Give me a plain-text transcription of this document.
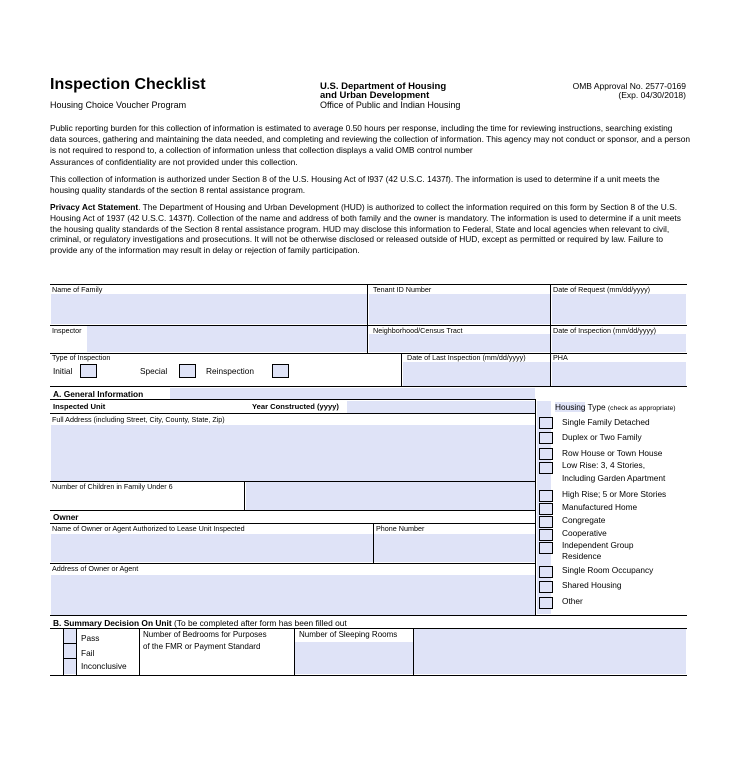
Inspection Checklist
Housing Choice Voucher Program
U.S. Department of Housing
and Urban Development
Office of Public and Indian Housing
OMB Approval No. 2577-0169
(Exp. 04/30/2018)
Public reporting burden for this collection of information is estimated to average 0.50 hours per response, including the time for reviewing instructions, searching existing data sources, gathering and maintaining the data needed, and completing and reviewing the collection of information. This agency may not conduct or sponsor, and a person is not required to respond to, a collection of information unless that collection displays a valid OMB control number
Assurances of confidentiality are not provided under this collection.
This collection of information is authorized under Section 8 of the U.S. Housing Act of l937 (42 U.S.C. 1437f). The information is used to determine if a unit meets the housing quality standards of the section 8 rental assistance program.
Privacy Act Statement. The Department of Housing and Urban Development (HUD) is authorized to collect the information required on this form by Section 8 of the U.S. Housing Act of 1937 (42 U.S.C. 1437f). Collection of the name and address of both family and the owner is mandatory. The information is used to determine if a unit meets the housing quality standards of the Section 8 rental assistance program. HUD may disclose this information to Federal, State and local agencies when relevant to civil, criminal, or regulatory investigations and prosecutions. It will not be otherwise disclosed or released outside of HUD, except as permitted or required by law. Failure to provide any of the information may result in delay or rejection of family participation.
Name of Family	Tenant ID Number	Date of Request (mm/dd/yyyy)
Inspector	Neighborhood/Census Tract	Date of Inspection (mm/dd/yyyy)
Type of Inspection
Initial	Special	Reinspection
Date of Last Inspection (mm/dd/yyyy)	PHA
A. General Information
Inspected Unit	Year Constructed (yyyy)
Full Address (including Street, City, County, State, Zip)
Number of Children in Family Under 6
Owner
Name of Owner or Agent Authorized to Lease Unit Inspected	Phone Number
Address of Owner or Agent
Housing Type (check as appropriate)
Single Family Detached
Duplex or Two Family
Row House or Town House
Low Rise: 3, 4 Stories,
Including Garden Apartment
High Rise; 5 or More Stories
Manufactured Home
Congregate
Cooperative
Independent Group
Residence
Single Room Occupancy
Shared Housing
Other
B. Summary Decision On Unit (To be completed after form has been filled out
Pass
Fail
Inconclusive
Number of Bedrooms for Purposes
of the FMR or Payment Standard
Number of Sleeping Rooms
